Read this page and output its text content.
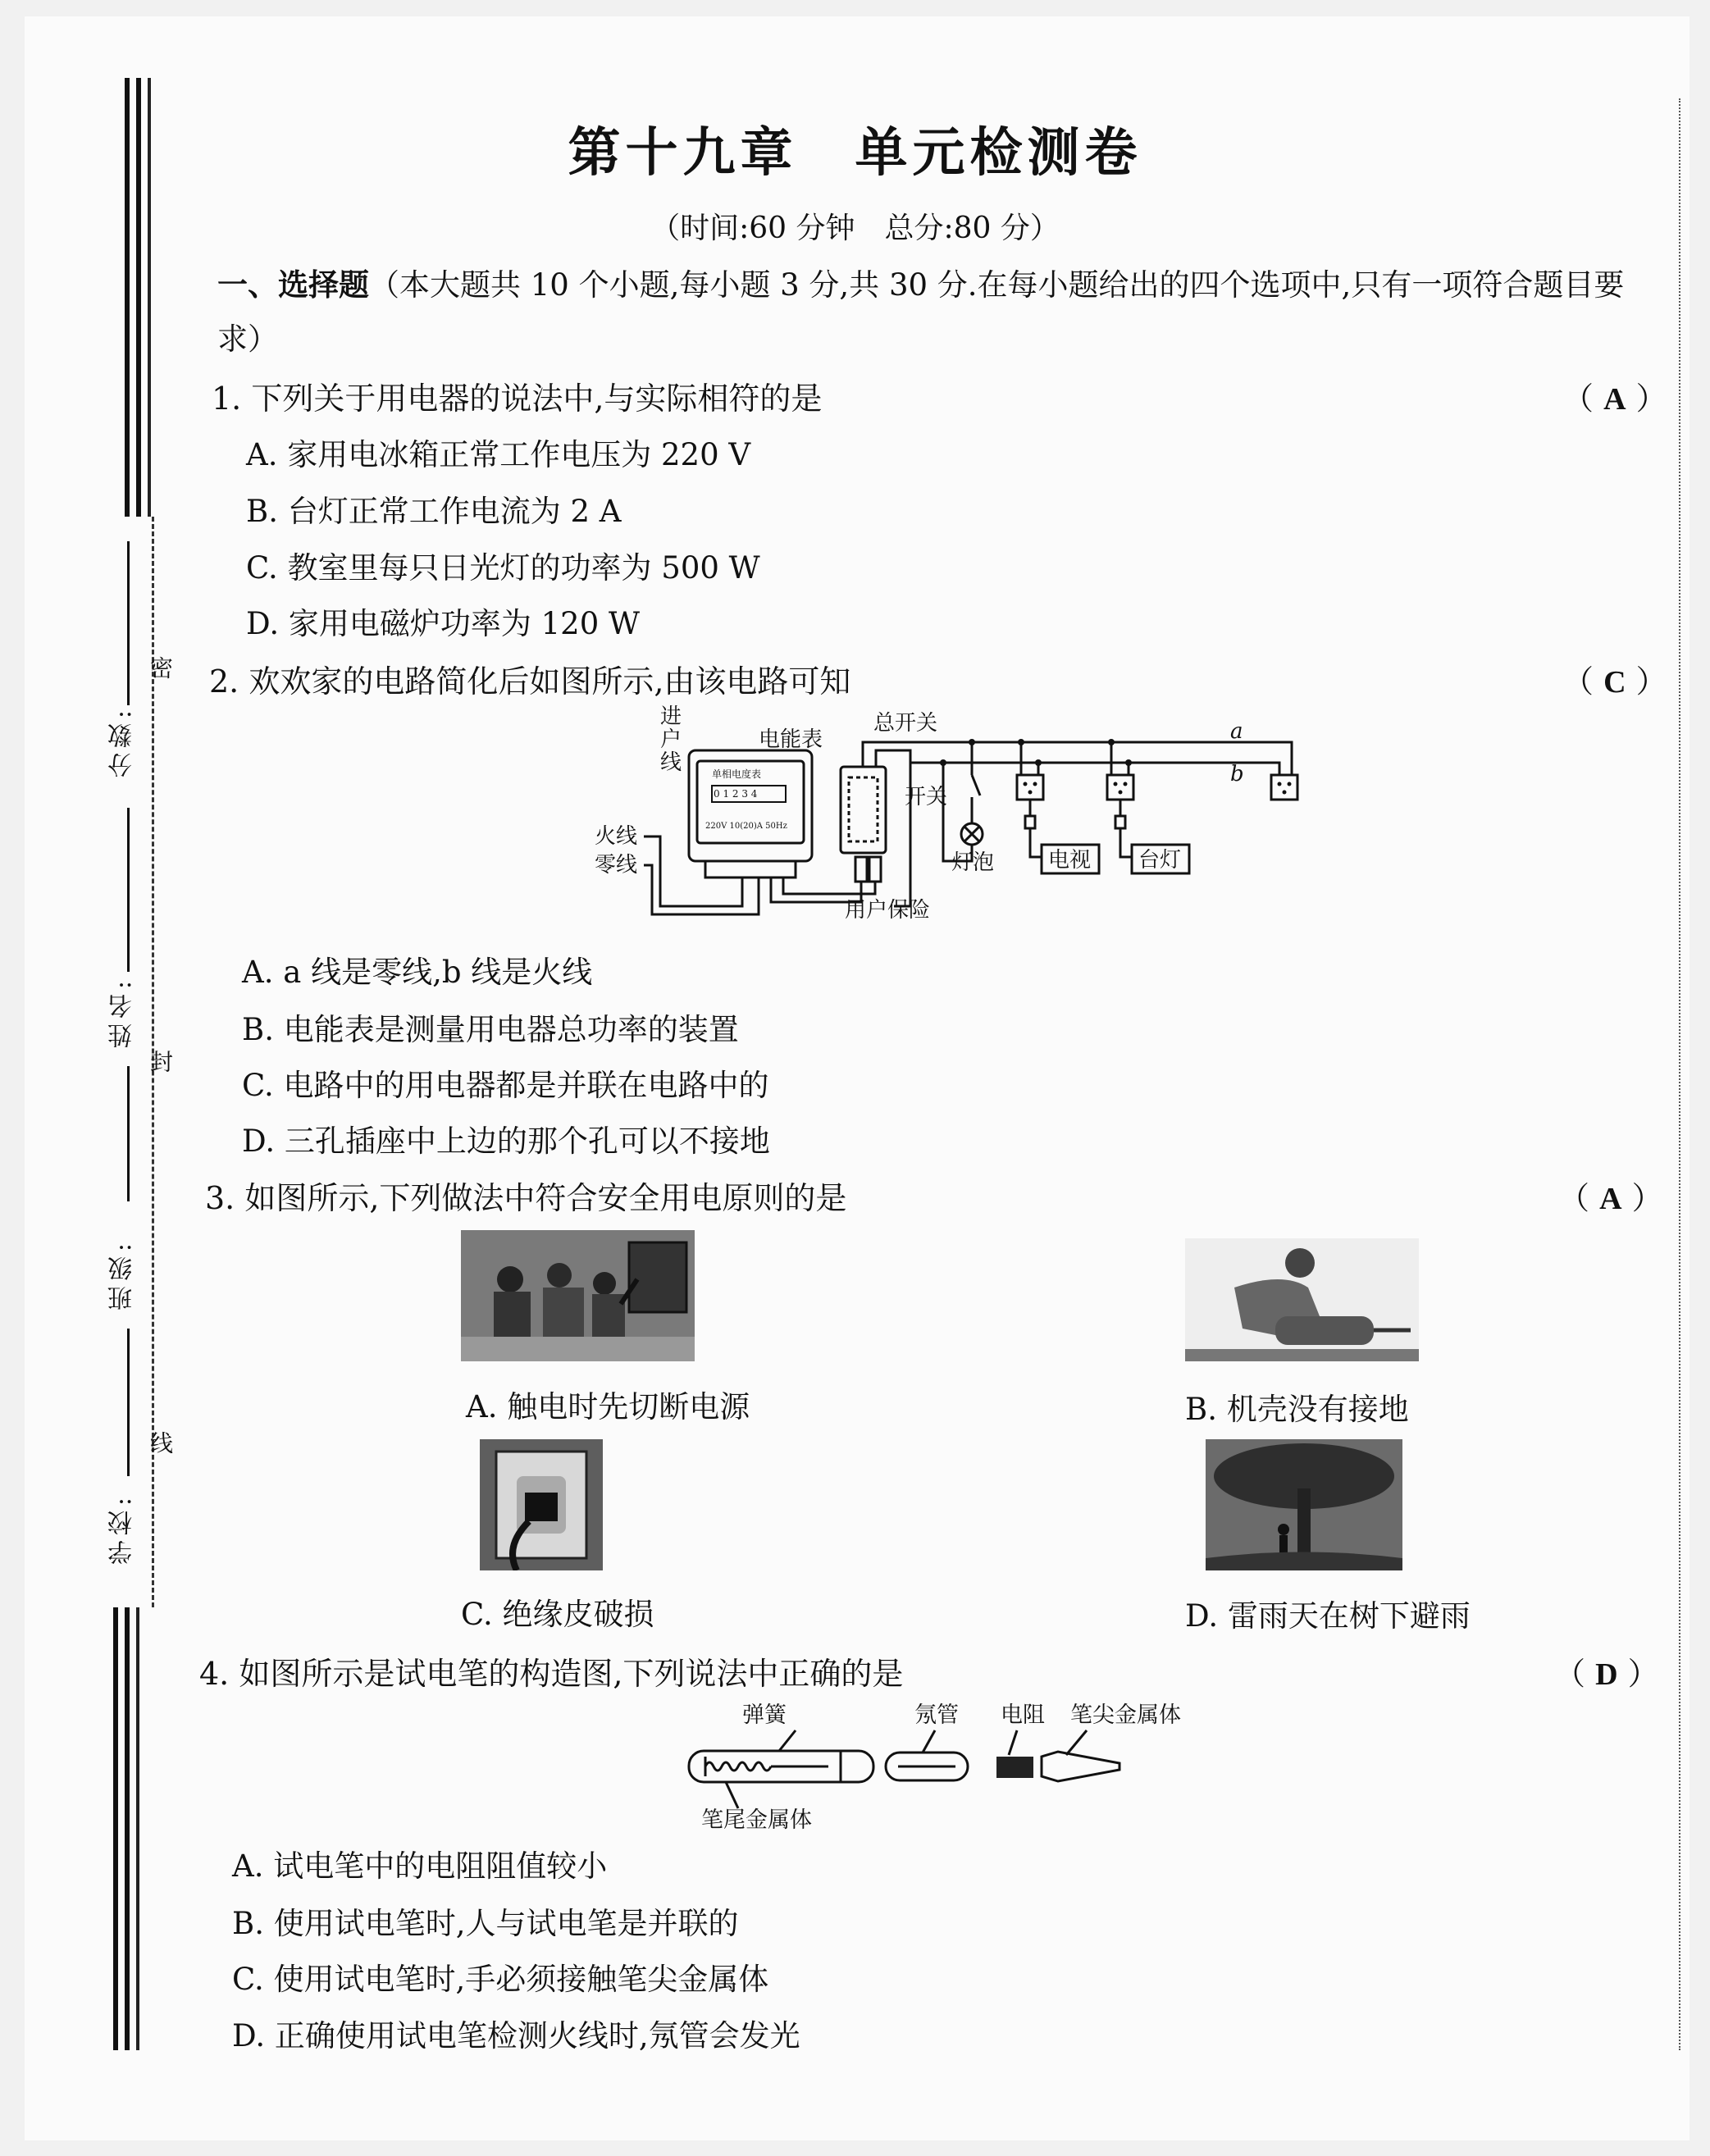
分数:
姓名:
班级:
学校:
密
封
线
第十九章　单元检测卷
（时间:60 分钟　总分:80 分）
一、选择题（本大题共 10 个小题,每小题 3 分,共 30 分.在每小题给出的四个选项中,只有一项符合题目要求）
1. 下列关于用电器的说法中,与实际相符的是	（ A ）
A. 家用电冰箱正常工作电压为 220 V
B. 台灯正常工作电流为 2 A
C. 教室里每只日光灯的功率为 500 W
D. 家用电磁炉功率为 120 W
2. 欢欢家的电路简化后如图所示,由该电路可知	（ C ）
进
户
线
电能表
总开关	a
b
开关
灯泡	电视 台灯
火线
零线
用户保险
单相电度表
0 1 2 3 4
220V 10(20)A 50Hz
A. a 线是零线,b 线是火线
B. 电能表是测量用电器总功率的装置
C. 电路中的用电器都是并联在电路中的
D. 三孔插座中上边的那个孔可以不接地
3. 如图所示,下列做法中符合安全用电原则的是	（ A ）
A. 触电时先切断电源	B. 机壳没有接地
C. 绝缘皮破损	D. 雷雨天在树下避雨
4. 如图所示是试电笔的构造图,下列说法中正确的是	（ D ）
弹簧	氖管 电阻 笔尖金属体
笔尾金属体
A. 试电笔中的电阻阻值较小
B. 使用试电笔时,人与试电笔是并联的
C. 使用试电笔时,手必须接触笔尖金属体
D. 正确使用试电笔检测火线时,氖管会发光
